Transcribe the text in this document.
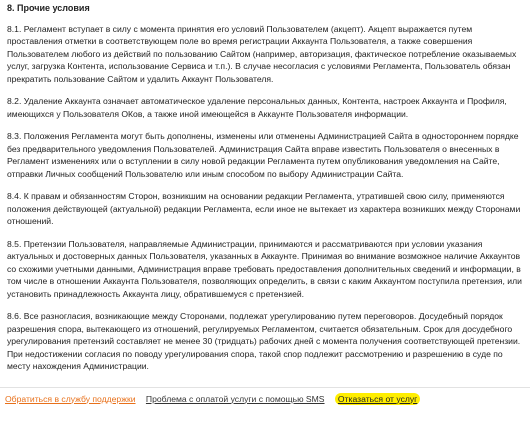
8. Прочие условия

8.1. Регламент вступает в силу с момента принятия его условий Пользователем (акцепт). Акцепт выражается путем проставления отметки в соответствующем поле во время регистрации Аккаунта Пользователя, а также совершения Пользователем любого из действий по пользованию Сайтом (например, авторизация, фактическое потребление оказываемых услуг, загрузка Контента, использование Сервиса и т.п.). В случае несогласия с условиями Регламента, Пользователь обязан прекратить пользование Сайтом и удалить Аккаунт Пользователя.

8.2. Удаление Аккаунта означает автоматическое удаление персональных данных, Контента, настроек Аккаунта и Профиля, имеющихся у Пользователя ОКов, а также иной имеющейся в Аккаунте Пользователя информации.

8.3. Положения Регламента могут быть дополнены, изменены или отменены Администрацией Сайта в одностороннем порядке без предварительного уведомления Пользователей. Администрация Сайта вправе известить Пользователя о внесенных в Регламент изменениях или о вступлении в силу новой редакции Регламента путем опубликования уведомления на Сайте, отправки Личных сообщений Пользователю или иным способом по выбору Администрации Сайта.

8.4. К правам и обязанностям Сторон, возникшим на основании редакции Регламента, утратившей свою силу, применяются положения действующей (актуальной) редакции Регламента, если иное не вытекает из характера возникших между Сторонами отношений.

8.5. Претензии Пользователя, направляемые Администрации, принимаются и рассматриваются при условии указания актуальных и достоверных данных Пользователя, указанных в Аккаунте. Принимая во внимание возможное наличие Аккаунтов со схожими учетными данными, Администрация вправе требовать предоставления дополнительных сведений и информации, в том числе в отношении Аккаунта Пользователя, позволяющих определить, в связи с каким Аккаунтом поступила претензия, или установить принадлежность Аккаунта лицу, обратившемуся с претензией.

8.6. Все разногласия, возникающие между Сторонами, подлежат урегулированию путем переговоров. Досудебный порядок разрешения спора, вытекающего из отношений, регулируемых Регламентом, считается обязательным. Срок для досудебного урегулирования претензий составляет не менее 30 (тридцать) рабочих дней с момента получения соответствующей претензии. При недостижении согласия по поводу урегулирования спора, такой спор подлежит рассмотрению и разрешению в суде по месту нахождения Администрации.

Обратиться в службу поддержки Проблема с оплатой услуги с помощью SMS Отказаться от услуг
